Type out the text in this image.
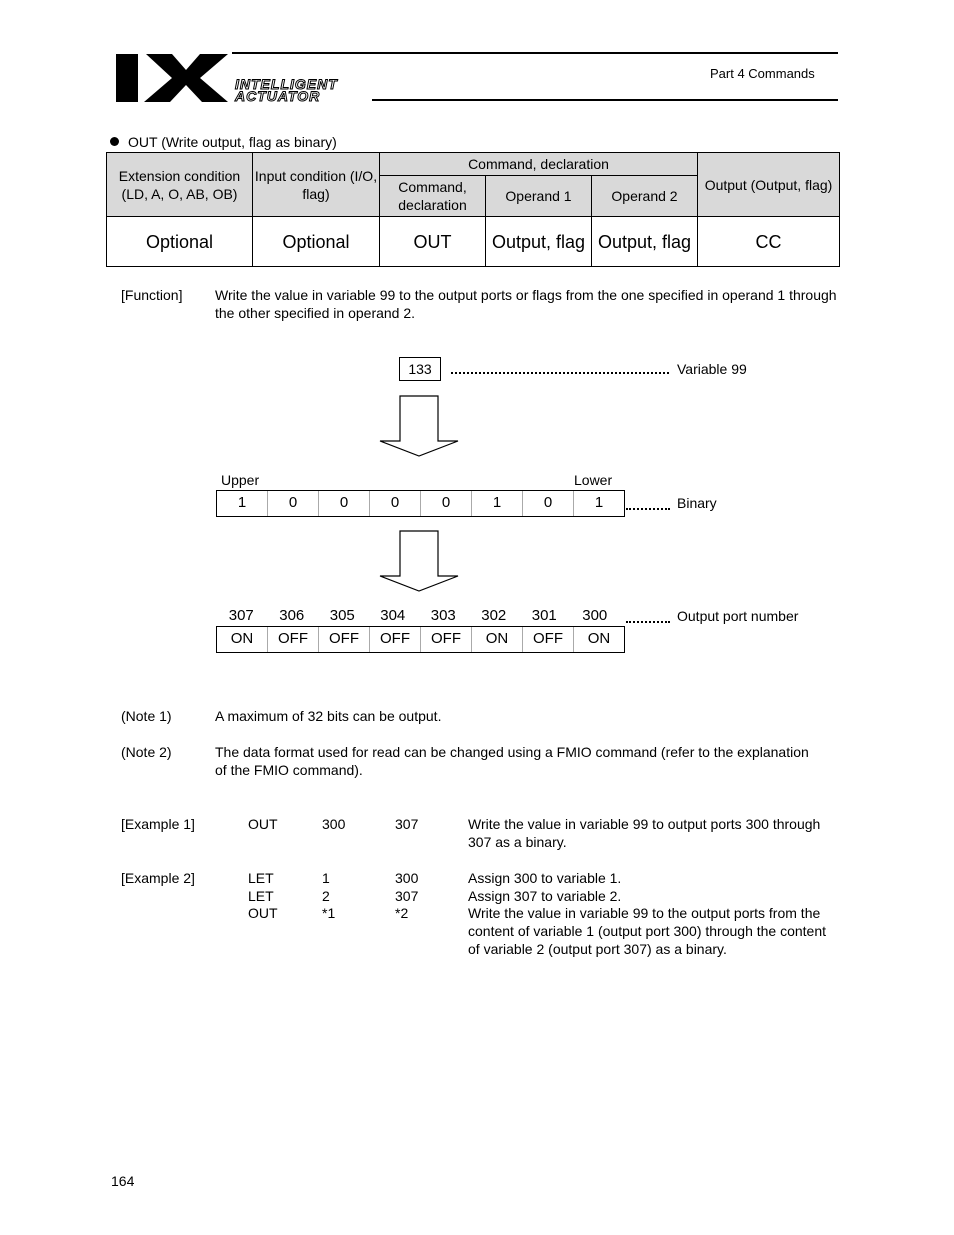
INTELLIGENT
ACTUATOR
Part 4 Commands
OUT (Write output, flag as binary)
Extension condition (LD, A, O, AB, OB)	Input condition (I/O, flag)	Command, declaration			Output (Output, flag)
		Command, declaration	Operand 1	Operand 2	
Optional	Optional	OUT	Output, flag	Output, flag	CC
[Function] Write the value in variable 99 to the output ports or flags from the one specified in operand 1 through the other specified in operand 2.
133	Variable 99
Upper	Lower
1	0	0	0	0	1	0	1	Binary
307	306	305	304	303	302	301	300	Output port number
ON	OFF	OFF	OFF	OFF	ON	OFF	ON
(Note 1)	A maximum of 32 bits can be output.
(Note 2)	The data format used for read can be changed using a FMIO command (refer to the explanation of the FMIO command).
[Example 1]	OUT	300	307	Write the value in variable 99 to output ports 300 through 307 as a binary.
[Example 2]	LET	1	300	Assign 300 to variable 1.
LET	2	307	Assign 307 to variable 2.
OUT	*1	*2	Write the value in variable 99 to the output ports from the content of variable 1 (output port 300) through the content of variable 2 (output port 307) as a binary.
164
